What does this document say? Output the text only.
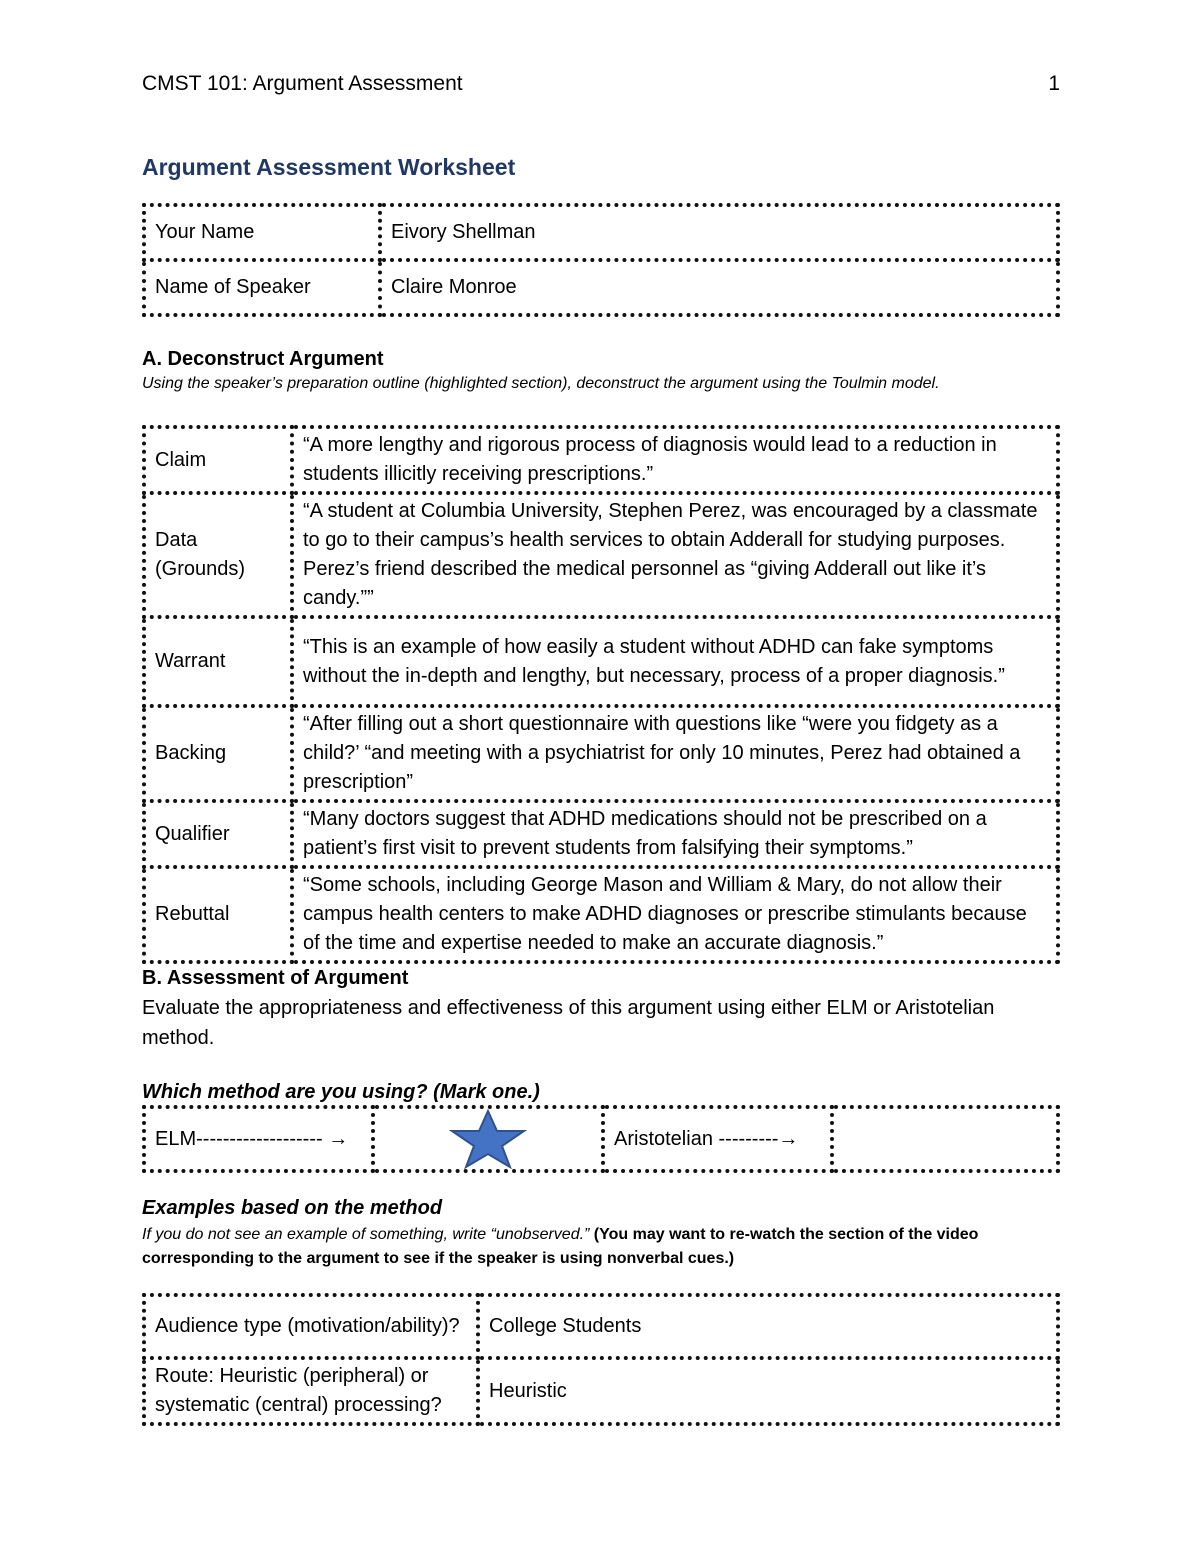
CMST 101: Argument Assessment	1
Argument Assessment Worksheet
Your Name	Eivory Shellman
Name of Speaker	Claire Monroe
A. Deconstruct Argument
Using the speaker’s preparation outline (highlighted section), deconstruct the argument using the Toulmin model.
Claim	“A more lengthy and rigorous process of diagnosis would lead to a reduction in students illicitly receiving prescriptions.”
Data (Grounds)	“A student at Columbia University, Stephen Perez, was encouraged by a classmate to go to their campus’s health services to obtain Adderall for studying purposes. Perez’s friend described the medical personnel as “giving Adderall out like it’s candy.””
Warrant	“This is an example of how easily a student without ADHD can fake symptoms without the in-depth and lengthy, but necessary, process of a proper diagnosis.”
Backing	“After filling out a short questionnaire with questions like “were you fidgety as a child?’ “and meeting with a psychiatrist for only 10 minutes, Perez had obtained a prescription”
Qualifier	“Many doctors suggest that ADHD medications should not be prescribed on a patient’s first visit to prevent students from falsifying their symptoms.”
Rebuttal	“Some schools, including George Mason and William & Mary, do not allow their campus health centers to make ADHD diagnoses or prescribe stimulants because of the time and expertise needed to make an accurate diagnosis.”
B. Assessment of Argument
Evaluate the appropriateness and effectiveness of this argument using either ELM or Aristotelian method.
Which method are you using? (Mark one.)
ELM------------------- →		Aristotelian ---------→	
Examples based on the method
If you do not see an example of something, write “unobserved.” (You may want to re-watch the section of the video corresponding to the argument to see if the speaker is using nonverbal cues.)
Audience type (motivation/ability)?	College Students
Route: Heuristic (peripheral) or systematic (central) processing?	Heuristic
